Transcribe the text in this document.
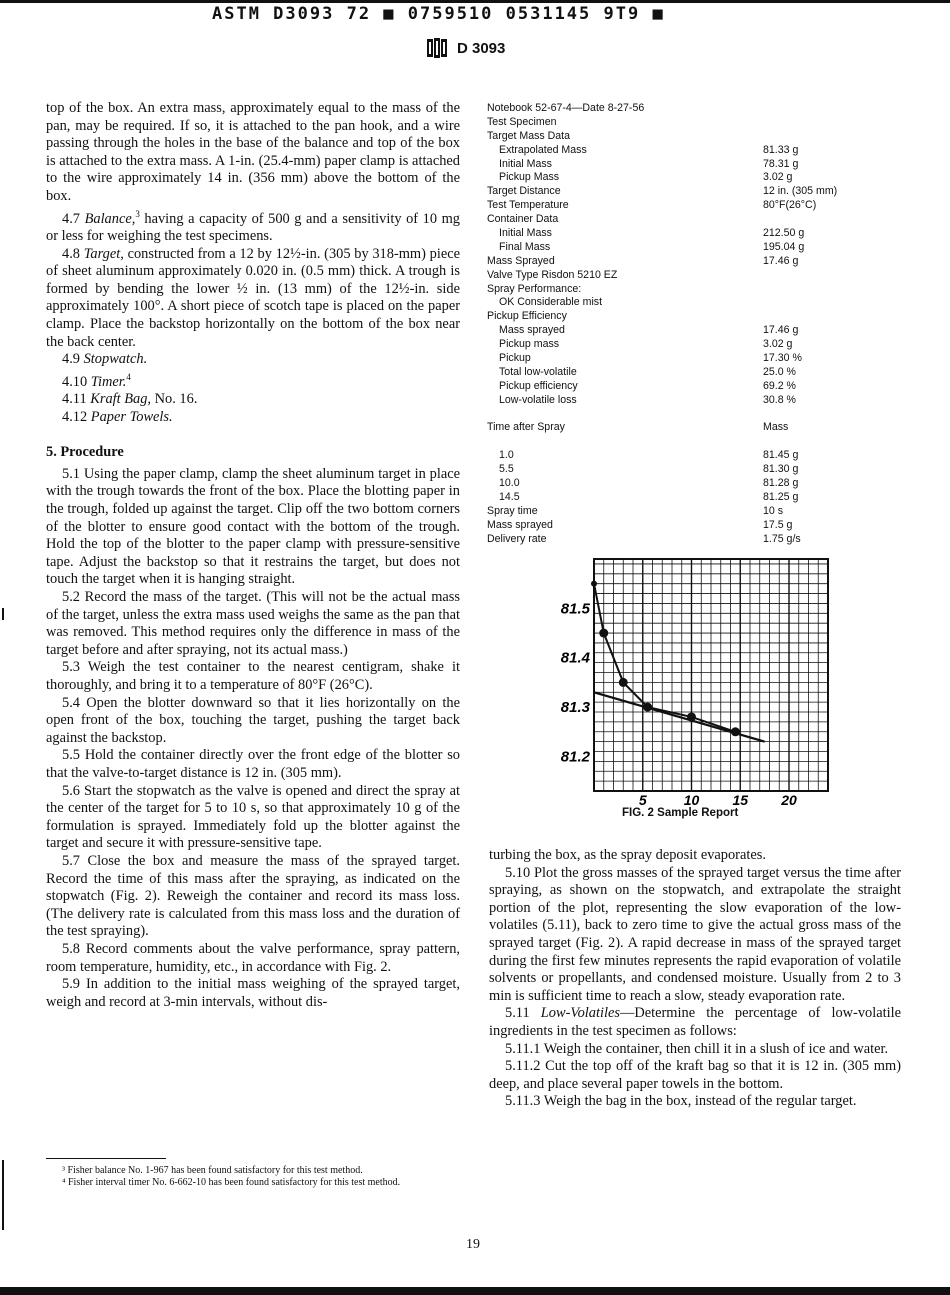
ASTM D3093 72 ■ 0759510 0531145 9T9 ■
D 3093

top of the box. An extra mass, approximately equal to the mass of the pan, may be required. If so, it is attached to the pan hook, and a wire passing through the holes in the base of the balance and top of the box is attached to the extra mass. A 1-in. (25.4-mm) paper clamp is attached to the wire approximately 14 in. (356 mm) above the bottom of the box.

4.7 Balance,$^3$ having a capacity of 500 g and a sensitivity of 10 mg or less for weighing the test specimens.

4.8 Target, constructed from a 12 by 12½-in. (305 by 318-mm) piece of sheet aluminum approximately 0.020 in. (0.5 mm) thick. A trough is formed by bending the lower ½ in. (13 mm) of the 12½-in. side approximately 100°. A short piece of scotch tape is placed on the paper clamp. Place the backstop horizontally on the bottom of the box near the back center.

4.9 Stopwatch.

4.10 Timer.$^4$

4.11 Kraft Bag, No. 16.

4.12 Paper Towels.

5. Procedure

5.1 Using the paper clamp, clamp the sheet aluminum target in place with the trough towards the front of the box. Place the blotting paper in the trough, folded up against the target. Clip off the two bottom corners of the blotter to ensure good contact with the bottom of the trough. Hold the top of the blotter to the paper clamp with pressure-sensitive tape. Adjust the backstop so that it restrains the target, but does not touch the target when it is hanging straight.

5.2 Record the mass of the target. (This will not be the actual mass of the target, unless the extra mass used weighs the same as the pan that was removed. This method requires only the difference in mass of the target before and after spraying, not its actual mass.)

5.3 Weigh the test container to the nearest centigram, shake it thoroughly, and bring it to a temperature of 80°F (26°C).

5.4 Open the blotter downward so that it lies horizontally on the open front of the box, touching the target, pushing the target back against the backstop.

5.5 Hold the container directly over the front edge of the blotter so that the valve-to-target distance is 12 in. (305 mm).

5.6 Start the stopwatch as the valve is opened and direct the spray at the center of the target for 5 to 10 s, so that approximately 10 g of the formulation is sprayed. Immediately fold up the blotter against the target and secure it with pressure-sensitive tape.

5.7 Close the box and measure the mass of the sprayed target. Record the time of this mass after the spraying, as indicated on the stopwatch (Fig. 2). Reweigh the container and record its mass loss. (The delivery rate is calculated from this mass loss and the duration of the test spraying).

5.8 Record comments about the valve performance, spray pattern, room temperature, humidity, etc., in accordance with Fig. 2.

5.9 In addition to the initial mass weighing of the sprayed target, weigh and record at 3-min intervals, without dis-

³ Fisher balance No. 1-967 has been found satisfactory for this test method.

⁴ Fisher interval timer No. 6-662-10 has been found satisfactory for this test method.

Notebook 52-67-4—Date 8-27-56
Test Specimen
Target Mass Data
Extrapolated Mass	81.33 g
Initial Mass	78.31 g
Pickup Mass	3.02 g
Target Distance	12 in. (305 mm)
Test Temperature	80°F(26°C)
Container Data
Initial Mass	212.50 g
Final Mass	195.04 g
Mass Sprayed	17.46 g
Valve Type Risdon 5210 EZ
Spray Performance:
OK Considerable mist
Pickup Efficiency
Mass sprayed	17.46 g
Pickup mass	3.02 g
Pickup	17.30 %
Total low-volatile	25.0 %
Pickup efficiency	69.2 %
Low-volatile loss	30.8 %
Time after Spray	Mass
1.0	81.45 g
5.5	81.30 g
10.0	81.28 g
14.5	81.25 g
Spray time	10 s
Mass sprayed	17.5 g
Delivery rate	1.75 g/s
81.5
81.4
81.3
81.2
5	10 15 20
FIG. 2 Sample Report

turbing the box, as the spray deposit evaporates.

5.10 Plot the gross masses of the sprayed target versus the time after spraying, as shown on the stopwatch, and extrapolate the straight portion of the plot, representing the slow evaporation of the low-volatiles (5.11), back to zero time to give the actual gross mass of the sprayed target (Fig. 2). A rapid decrease in mass of the sprayed target during the first few minutes represents the rapid evaporation of volatile solvents or propellants, and condensed moisture. Usually from 2 to 3 min is sufficient time to reach a slow, steady evaporation rate.

5.11 Low-Volatiles—Determine the percentage of low-volatile ingredients in the test specimen as follows:

5.11.1 Weigh the container, then chill it in a slush of ice and water.

5.11.2 Cut the top off of the kraft bag so that it is 12 in. (305 mm) deep, and place several paper towels in the bottom.

5.11.3 Weigh the bag in the box, instead of the regular target.

19
